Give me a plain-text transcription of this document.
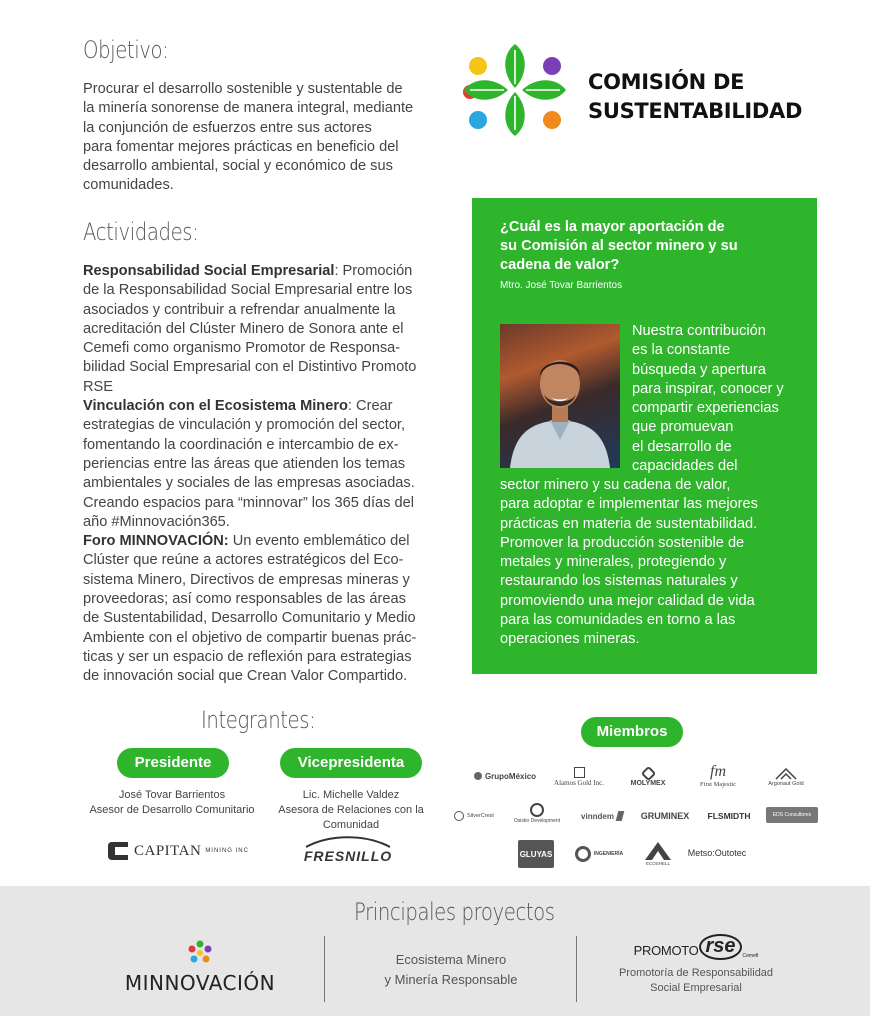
Objetivo:
Procurar el desarrollo sostenible y sustentable de
la minería sonorense de manera integral, mediante
la conjunción de esfuerzos entre sus actores
para fomentar mejores prácticas en beneficio del
desarrollo ambiental, social y económico de sus
comunidades.
COMISIÓN DE
SUSTENTABILIDAD
Actividades:
Responsabilidad Social Empresarial: Promoción
de la Responsabilidad Social Empresarial entre los
asociados y contribuir a refrendar anualmente la
acreditación del Clúster Minero de Sonora ante el
Cemefi como organismo Promotor de Responsa-
bilidad Social Empresarial con el Distintivo Promoto
RSE
Vinculación con el Ecosistema Minero: Crear
estrategias de vinculación y promoción del sector,
fomentando la coordinación e intercambio de ex-
periencias entre las áreas que atienden los temas
ambientales y sociales de las empresas asociadas.
Creando espacios para “minnovar” los 365 días del
año #Minnovación365.
Foro MINNOVACIÓN: Un evento emblemático del
Clúster que reúne a actores estratégicos del Eco-
sistema Minero, Directivos de empresas mineras y
proveedoras; así como responsables de las áreas
de Sustentabilidad, Desarrollo Comunitario y Medio
Ambiente con el objetivo de compartir buenas prác-
ticas y ser un espacio de reflexión para estrategias
de innovación social que Crean Valor Compartido.
¿Cuál es la mayor aportación de
su Comisión al sector minero y su
cadena de valor?
Mtro. José Tovar Barrientos
Nuestra contribución
es la constante
búsqueda y apertura
para inspirar, conocer y
compartir experiencias
que promuevan
el desarrollo de
capacidades del
sector minero y su cadena de valor,
para adoptar e implementar las mejores
prácticas en materia de sustentabilidad.
Promover la producción sostenible de
metales y minerales, protegiendo y
restaurando los sistemas naturales y
promoviendo una mejor calidad de vida
para las comunidades en torno a las
operaciones mineras.
Integrantes:
Presidente
José Tovar Barrientos
Asesor de Desarrollo Comunitario
CAPITAN MINING INC
Vicepresidenta
Lic. Michelle Valdez
Asesora de Relaciones con la
Comunidad
FRESNILLO
Miembros
GrupoMéxico
Alamos Gold Inc.	MOLYMEX
fm
First Majestic	Argonaut Gold
SilverCrest
Osisko Development	vinndem	GRUMINEX FLSMIDTH	EDS Consultores
GLUYAS	INGENIERÍA
ECOSHELL
Metso:Outotec
Principales proyectos
MINNOVACIÓN
Ecosistema Minero
y Minería Responsable
PROMOTO rse	Cemefi
Promotoría de Responsabilidad
Social Empresarial
